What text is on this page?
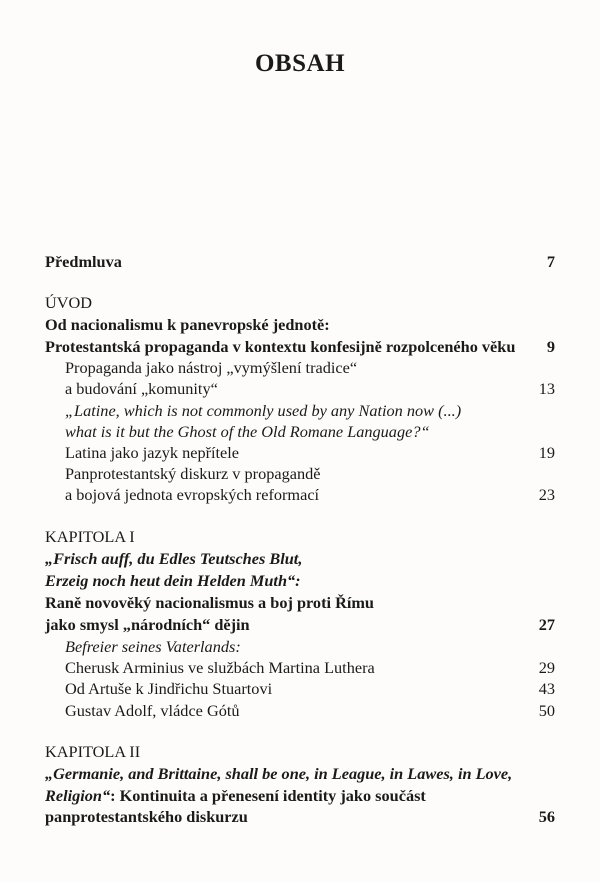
OBSAH
Předmluva	7
ÚVOD
Od nacionalismu k panevropské jednotě:
Protestantská propaganda v kontextu konfesijně rozpolceného věku 9
Propaganda jako nástroj „vymýšlení tradice“
a budování „komunity“	13
„Latine, which is not commonly used by any Nation now (...)
what is it but the Ghost of the Old Romane Language?“
Latina jako jazyk nepřítele	19
Panprotestantský diskurz v propagandě
a bojová jednota evropských reformací	23
KAPITOLA I
„Frisch auff, du Edles Teutsches Blut,
Erzeig noch heut dein Helden Muth“:
Raně novověký nacionalismus a boj proti Římu
jako smysl „národních“ dějin	27
Befreier seines Vaterlands:
Cherusk Arminius ve službách Martina Luthera	29
Od Artuše k Jindřichu Stuartovi	43
Gustav Adolf, vládce Gótů	50
KAPITOLA II
„Germanie, and Brittaine, shall be one, in League, in Lawes, in Love,
Religion“: Kontinuita a přenesení identity jako součást
panprotestantského diskurzu	56
